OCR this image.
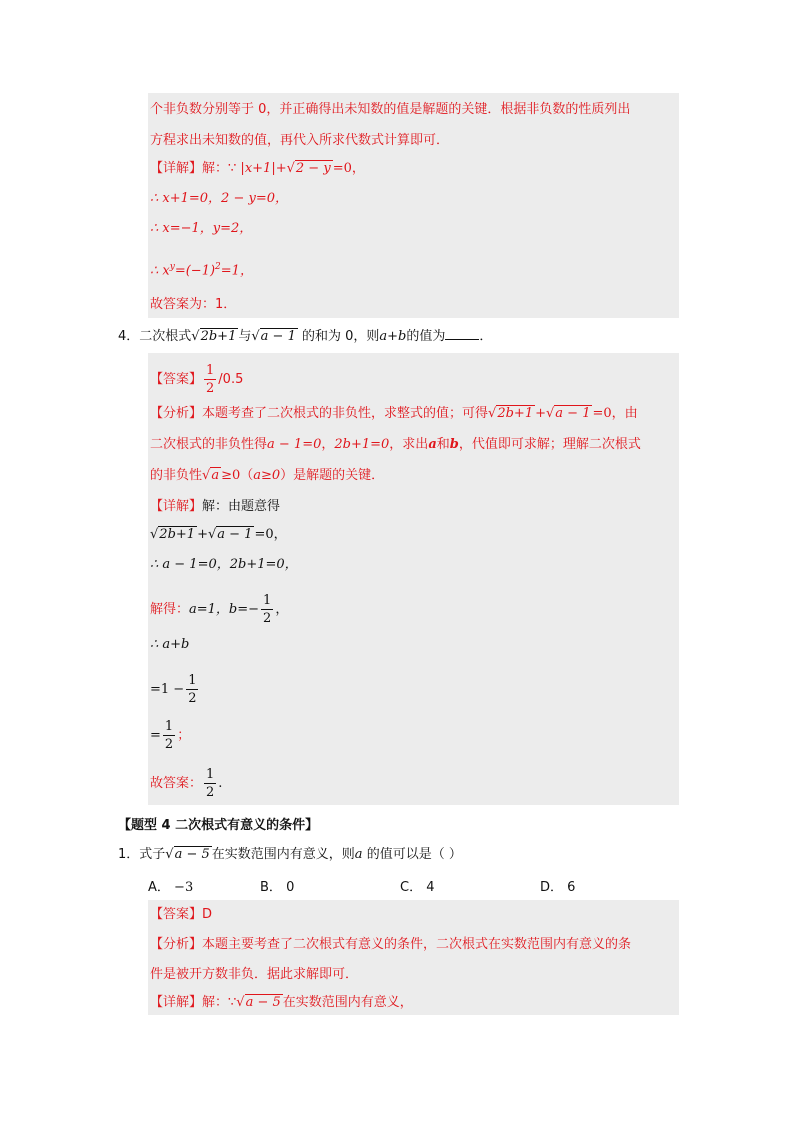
个非负数分别等于 0，并正确得出未知数的值是解题的关键．根据非负数的性质列出
方程求出未知数的值，再代入所求代数式计算即可．
【详解】解：∵ |x+1|+√2 − y =0，
∴ x+1=0，2 − y=0，
∴ x=−1，y=2，
∴ $x^y=(-1)^2=1$，
故答案为：1．
4．二次根式√2b+1 与√a − 1 的和为 0，则a+b的值为	．
【答案】 $\frac{1}{2} /0.5$
【分析】本题考查了二次根式的非负性，求整式的值；可得√2b+1 +√a − 1 =0，由
二次根式的非负性得a − 1=0，2b+1=0，求出a和b，代值即可求解；理解二次根式
的非负性√a ≥0（a≥0）是解题的关键．
【详解】解：由题意得
√2b+1 +√a − 1 =0，
∴ a − 1=0，2b+1=0，
解得：a=1，$b=- \frac{1}{2}$ ，
∴ a+b
$=1 - \frac{1}{2}$
= $\frac{1}{2}$ ；
故答案： $\frac{1}{2}$ .
【题型 4 二次根式有意义的条件】
1．式子√a − 5 在实数范围内有意义，则a 的值可以是（ ）
A． −3	B． 0	C． 4	D． 6
【答案】D
【分析】本题主要考查了二次根式有意义的条件，二次根式在实数范围内有意义的条
件是被开方数非负．据此求解即可．
【详解】解：∵√a − 5 在实数范围内有意义，
